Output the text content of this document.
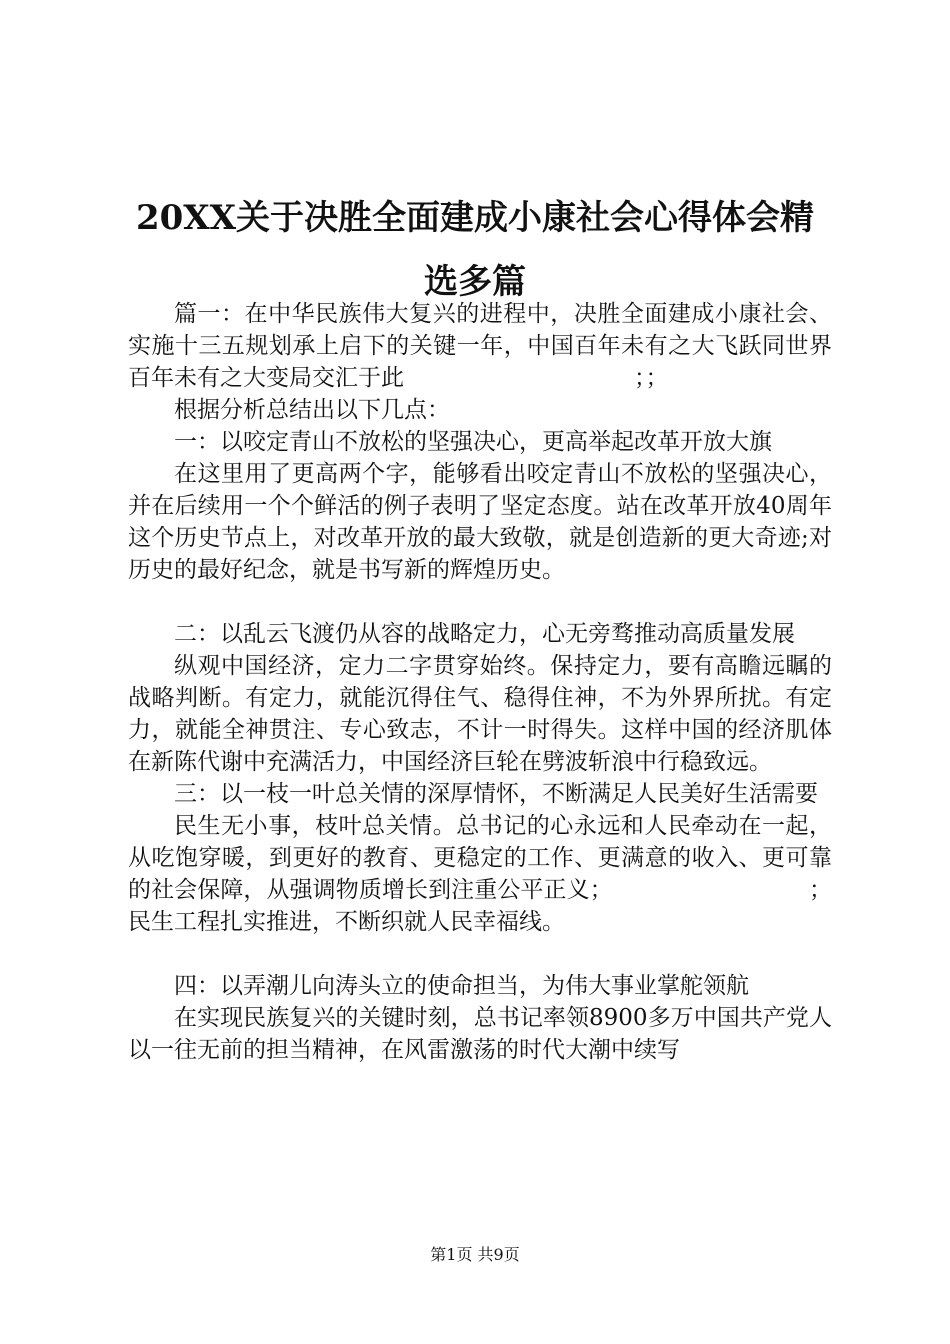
20XX关于决胜全面建成小康社会心得体会精
选多篇

篇一：在中华民族伟大复兴的进程中，决胜全面建成小康社会、实施十三五规划承上启下的关键一年，中国百年未有之大飞跃同世界百年未有之大变局交汇于此　　　　　　　　　　；；

根据分析总结出以下几点：

一：以咬定青山不放松的坚强决心，更高举起改革开放大旗

在这里用了更高两个字，能够看出咬定青山不放松的坚强决心，并在后续用一个个鲜活的例子表明了坚定态度。站在改革开放40周年这个历史节点上，对改革开放的最大致敬，就是创造新的更大奇迹;对历史的最好纪念，就是书写新的辉煌历史。

二：以乱云飞渡仍从容的战略定力，心无旁骛推动高质量发展

纵观中国经济，定力二字贯穿始终。保持定力，要有高瞻远瞩的战略判断。有定力，就能沉得住气、稳得住神，不为外界所扰。有定力，就能全神贯注、专心致志，不计一时得失。这样中国的经济肌体在新陈代谢中充满活力，中国经济巨轮在劈波斩浪中行稳致远。

三：以一枝一叶总关情的深厚情怀，不断满足人民美好生活需要

民生无小事，枝叶总关情。总书记的心永远和人民牵动在一起，从吃饱穿暖，到更好的教育、更稳定的工作、更满意的收入、更可靠的社会保障，从强调物质增长到注重公平正义；　　　　　　　　　；民生工程扎实推进，不断织就人民幸福线。

四：以弄潮儿向涛头立的使命担当，为伟大事业掌舵领航

在实现民族复兴的关键时刻，总书记率领8900多万中国共产党人以一往无前的担当精神，在风雷激荡的时代大潮中续写

第1页 共9页
